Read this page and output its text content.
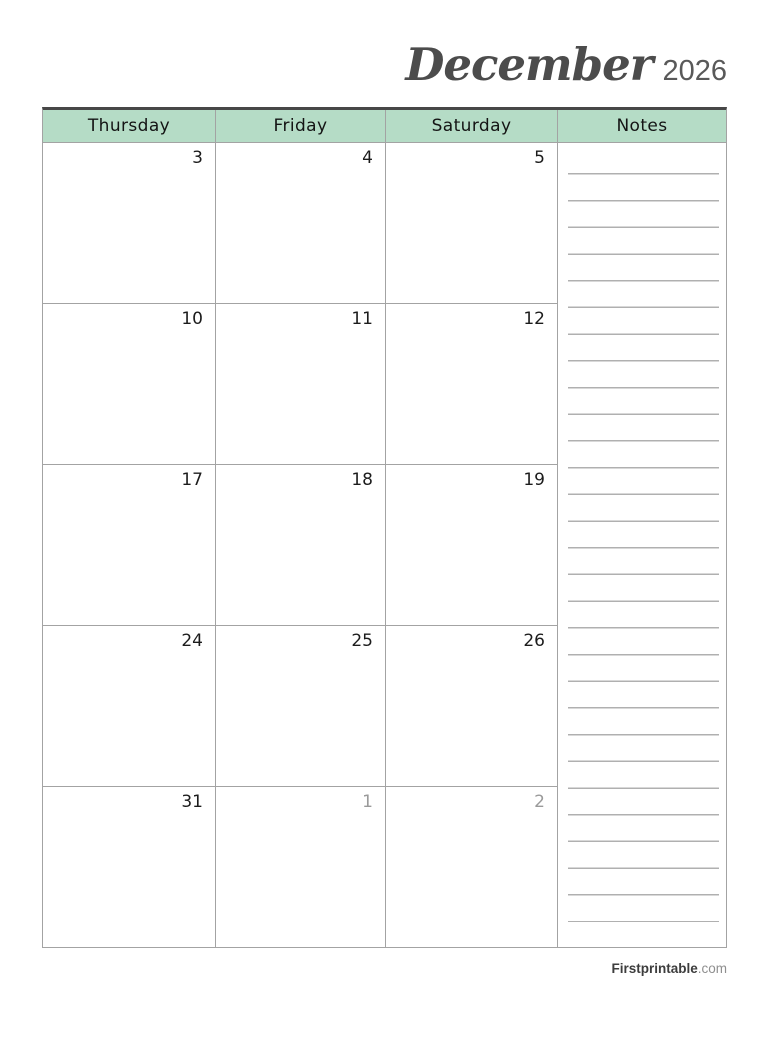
December 2026
Thursday	Friday	Saturday	Notes
3	4	5
10	11	12
17	18	19
24	25	26
31	1	2
Firstprintable.com
